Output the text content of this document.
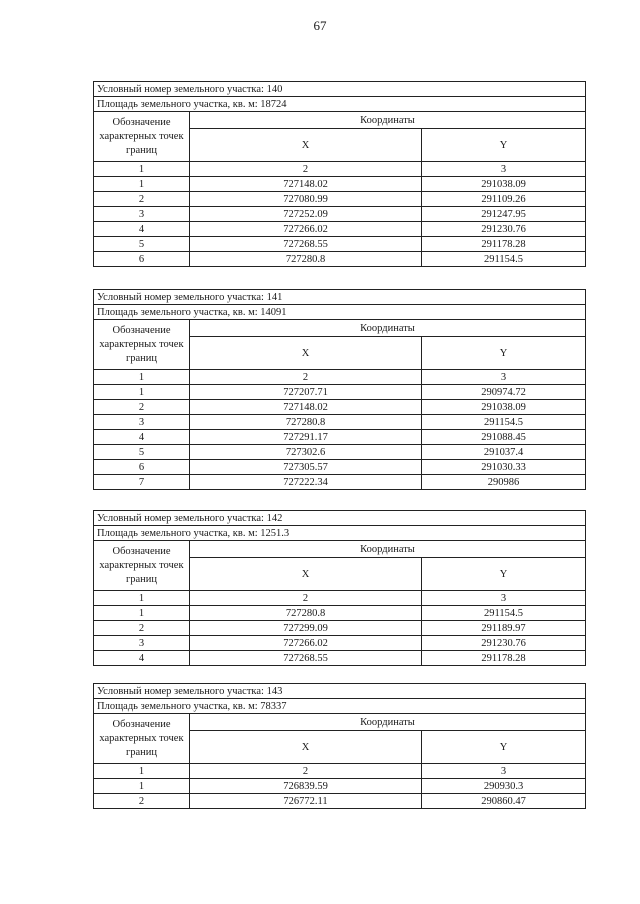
67
Условный номер земельного участка: 140		
Площадь земельного участка, кв. м: 18724		
Обозначение характерных точек границ	Координаты	
	X	Y
1	2	3
1	727148.02	291038.09
2	727080.99	291109.26
3	727252.09	291247.95
4	727266.02	291230.76
5	727268.55	291178.28
6	727280.8	291154.5
Условный номер земельного участка: 141		
Площадь земельного участка, кв. м: 14091		
Обозначение характерных точек границ	Координаты	
	X	Y
1	2	3
1	727207.71	290974.72
2	727148.02	291038.09
3	727280.8	291154.5
4	727291.17	291088.45
5	727302.6	291037.4
6	727305.57	291030.33
7	727222.34	290986
Условный номер земельного участка: 142		
Площадь земельного участка, кв. м: 1251.3		
Обозначение характерных точек границ	Координаты	
	X	Y
1	2	3
1	727280.8	291154.5
2	727299.09	291189.97
3	727266.02	291230.76
4	727268.55	291178.28
Условный номер земельного участка: 143		
Площадь земельного участка, кв. м: 78337		
Обозначение характерных точек границ	Координаты	
	X	Y
1	2	3
1	726839.59	290930.3
2	726772.11	290860.47
